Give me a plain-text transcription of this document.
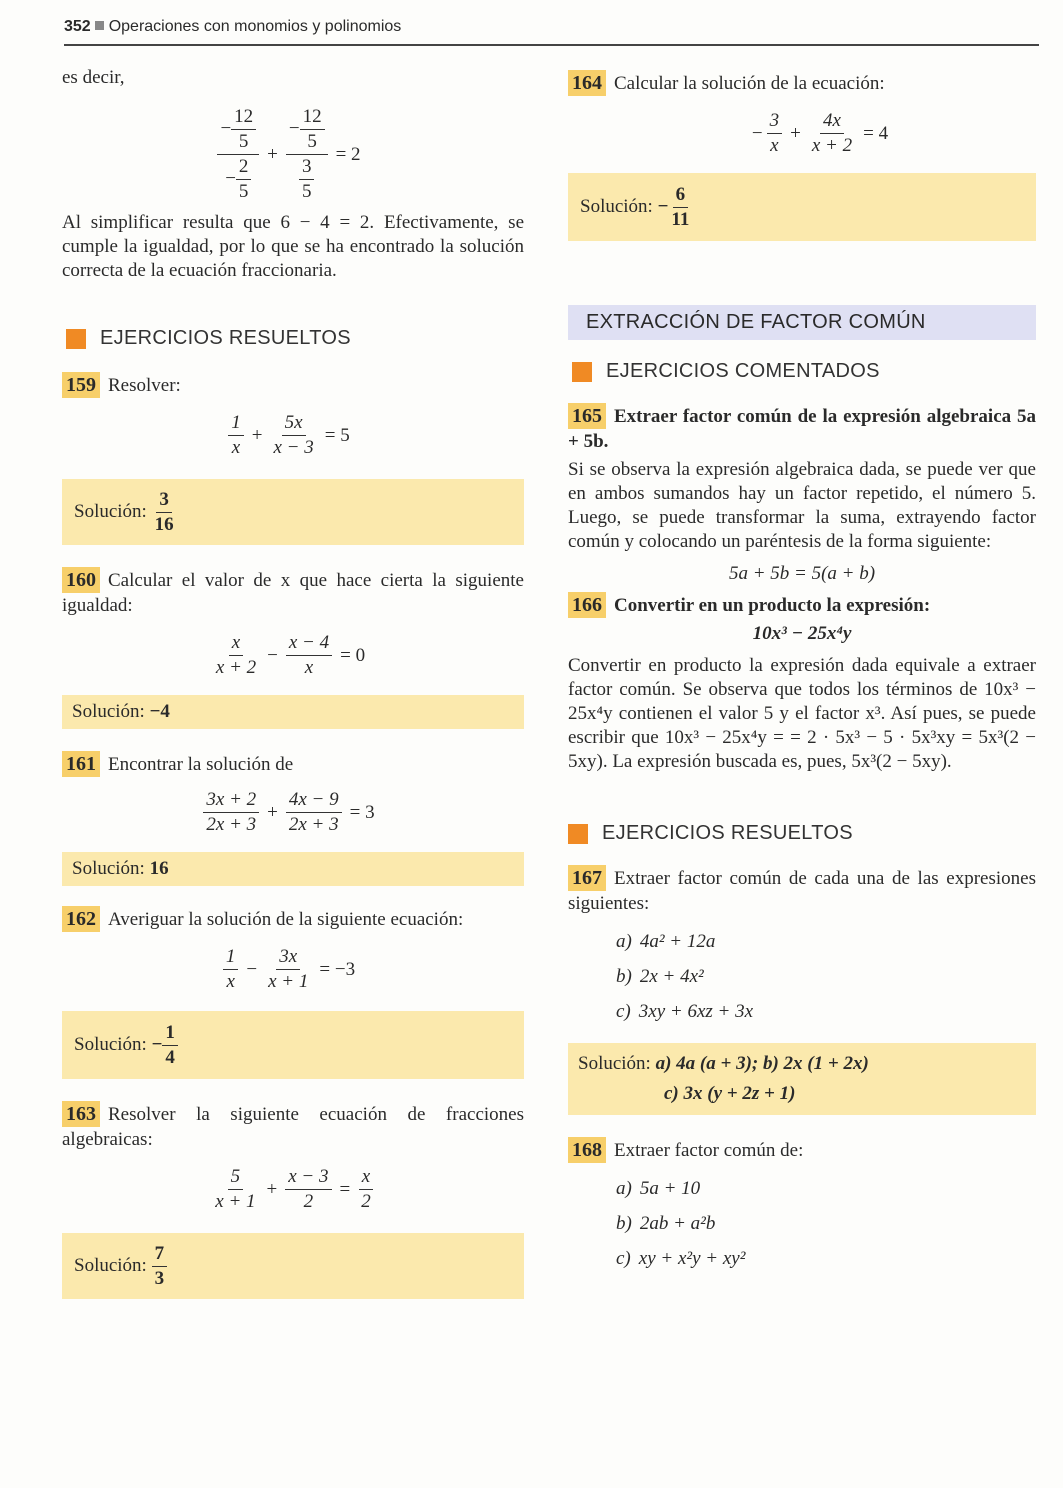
352 Operaciones con monomios y polinomios

es decir,

− $\frac{12}{5}$
− $\frac{2}{5}$
+ $\frac{- \frac{12}{5}}{\frac{3}{5}} = 2$

Al simplificar resulta que 6 − 4 = 2. Efectivamente, se cumple la igualdad, por lo que se ha encontrado la solución correcta de la ecuación fraccionaria.

EJERCICIOS RESUELTOS
159 Resolver:
1
x
+ $\frac{5x}{x - 3} = 5$
Solución:

3
16
160 Calcular el valor de x que hace cierta la siguiente igualdad:
x
x + 2
− $\frac{x - 4}{x} = 0$
Solución:
−4
161 Encontrar la solución de
3x + 2
2x + 3
+ $\frac{4x - 9}{2x + 3} = 3$
Solución:
16
162 Averiguar la solución de la siguiente ecuación:
1
x
− $\frac{3x}{x + 1} = -3$
Solución:
− $\frac{1}{4}$
163 Resolver la siguiente ecuación de fracciones algebraicas:
5
x + 1
+ $\frac{x - 3}{2} = \frac{x}{2}$
Solución:

7
3
164 Calcular la solución de la ecuación:
− $\frac{3}{x} + \frac{4x}{x + 2} = 4$
Solución:
− $\frac{6}{11}$
EXTRACCIÓN DE FACTOR COMÚN
EJERCICIOS COMENTADOS
165 Extraer factor común de la expresión algebraica 5a + 5b.

Si se observa la expresión algebraica dada, se puede ver que en ambos sumandos hay un factor repetido, el número 5. Luego, se puede transformar la suma, extrayendo factor común y colocando un paréntesis de la forma siguiente:

5a + 5b = 5(a + b)

166 Convertir en un producto la expresión:

10x³ − 25x⁴y

Convertir en producto la expresión dada equivale a extraer factor común. Se observa que todos los términos de 10x³ − 25x⁴y contienen el valor 5 y el factor x³. Así pues, se puede escribir que 10x³ − 25x⁴y = = 2 · 5x³ − 5 · 5x³xy = 5x³(2 − 5xy). La expresión buscada es, pues, 5x³(2 − 5xy).

EJERCICIOS RESUELTOS
167 Extraer factor común de cada una de las expresiones siguientes:
a) 4a² + 12a
b) 2x + 4x²
c) 3xy + 6xz + 3x
Solución: a) 4a (a + 3); b) 2x (1 + 2x)
c) 3x (y + 2z + 1)
168 Extraer factor común de:
a) 5a + 10
b) 2ab + a²b
c) xy + x²y + xy²
